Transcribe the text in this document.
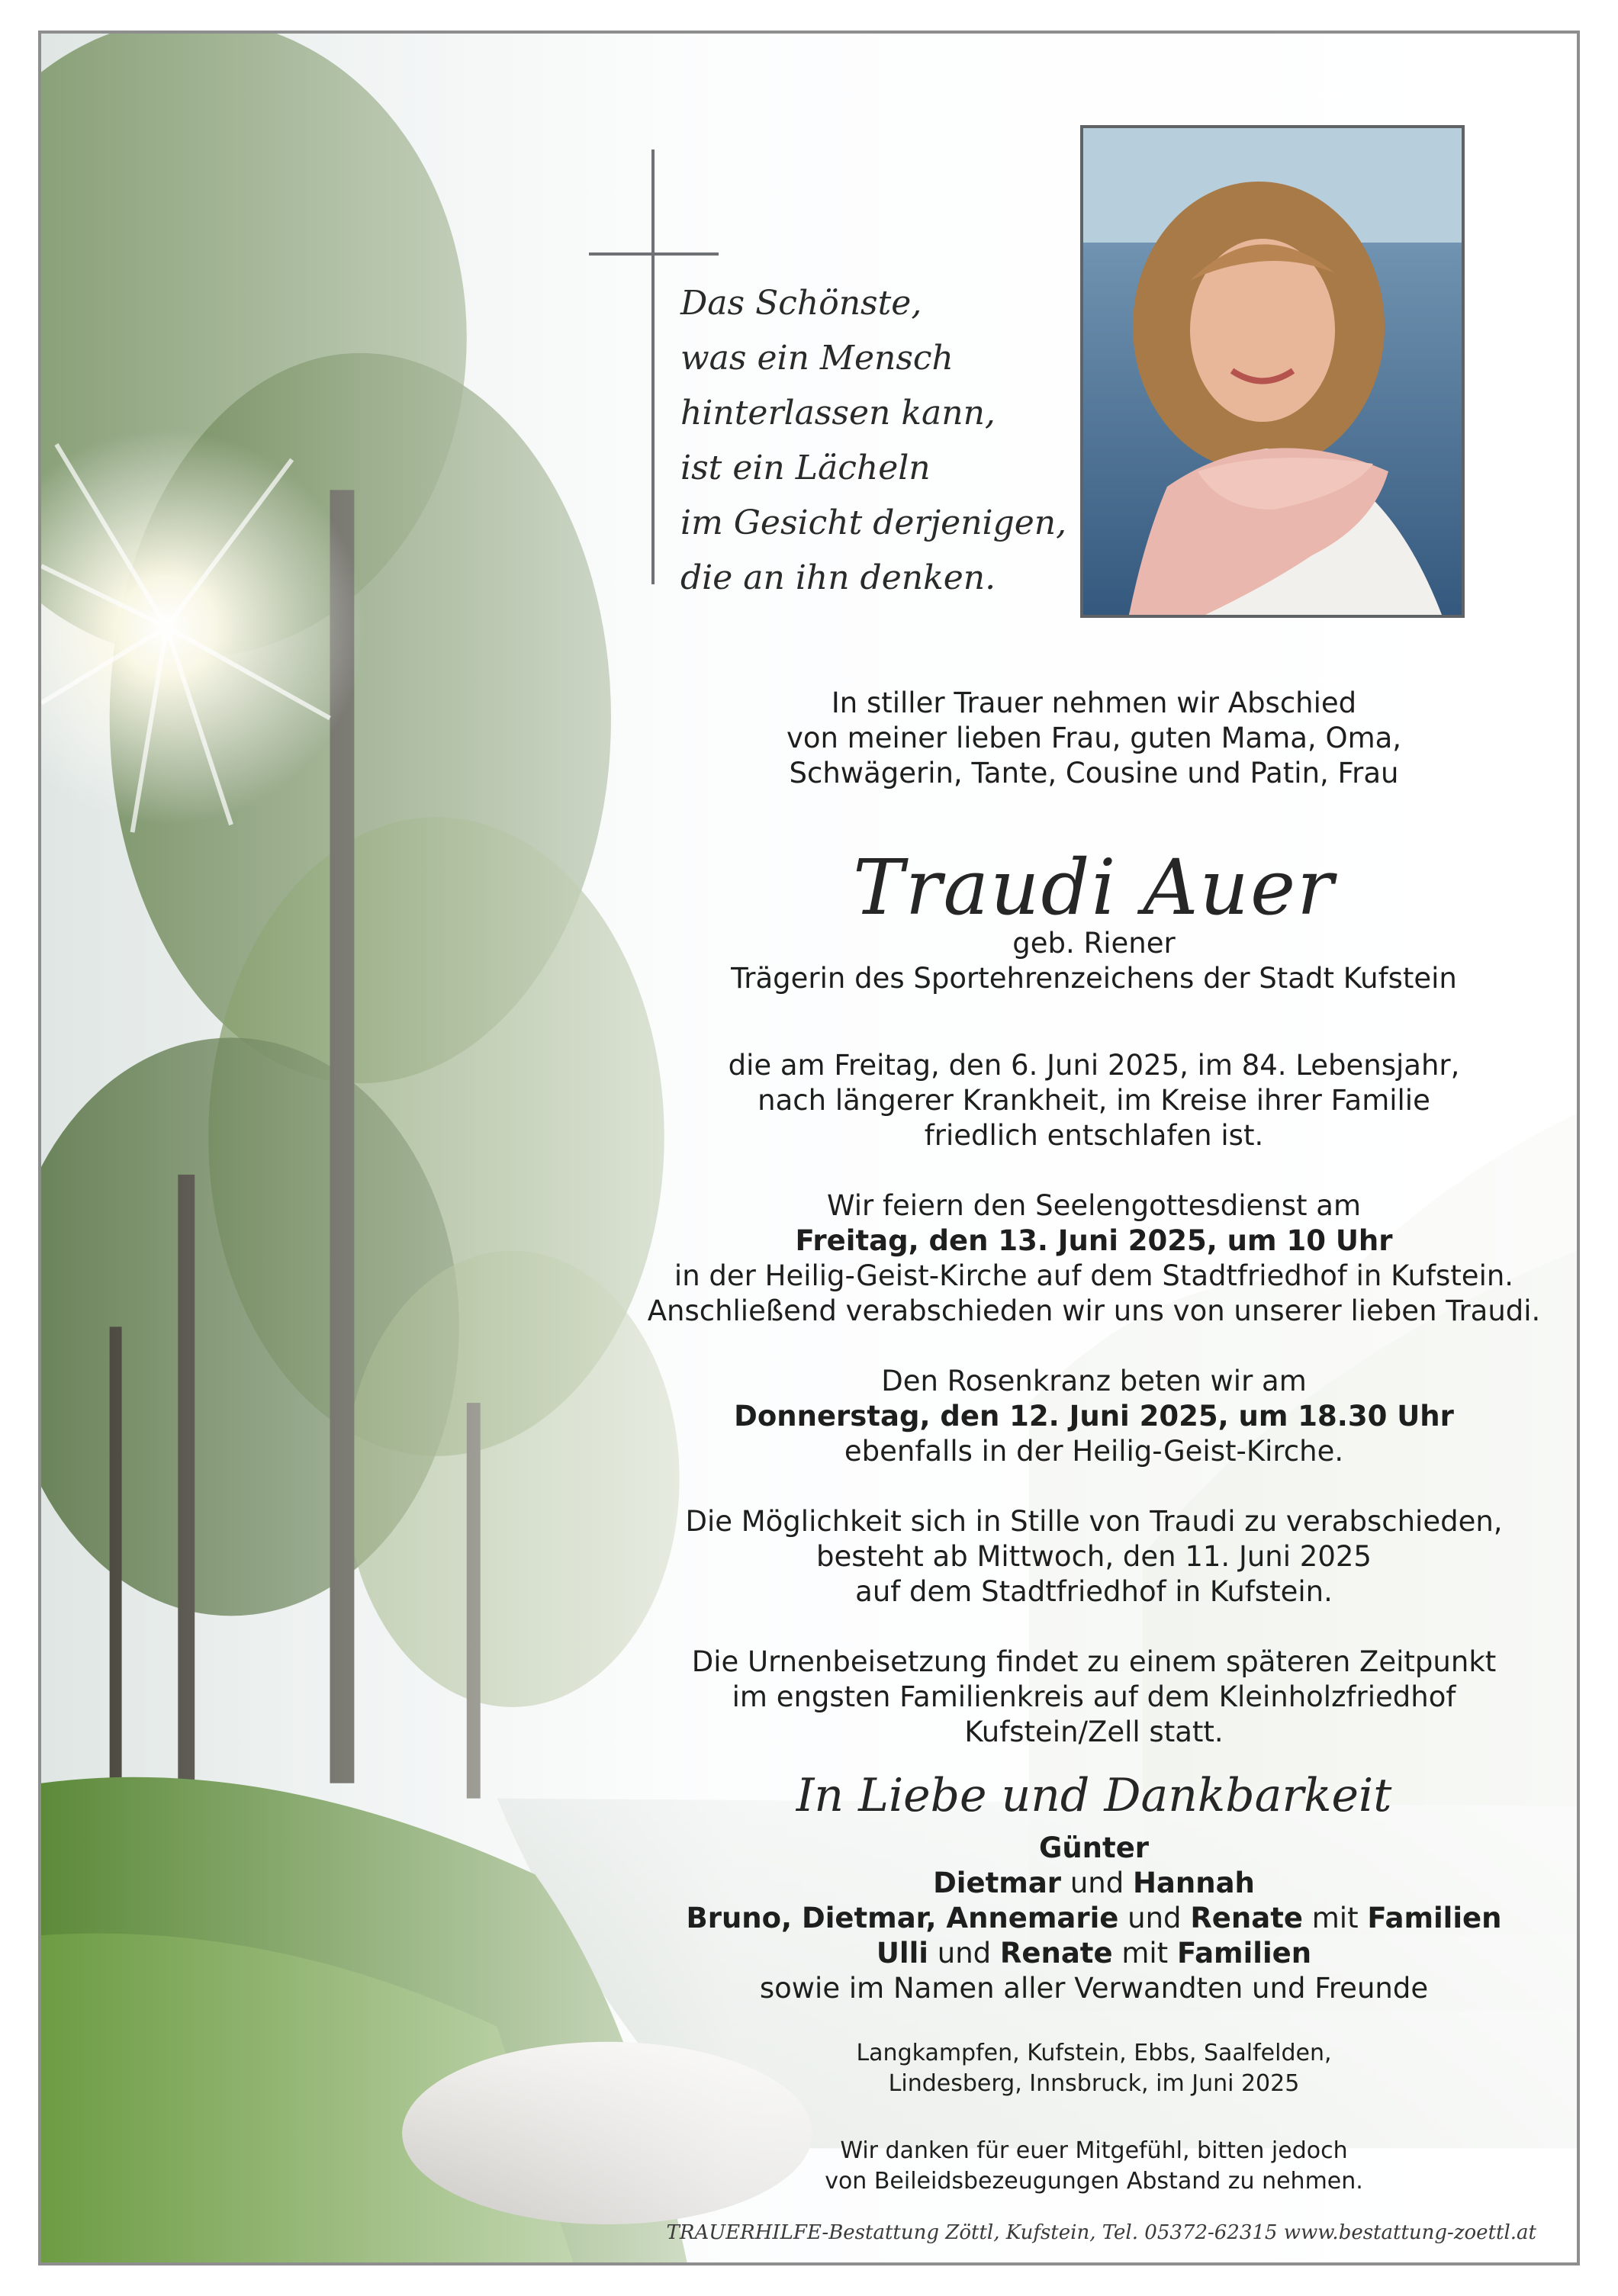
Das Schönste,
was ein Mensch
hinterlassen kann,
ist ein Lächeln
im Gesicht derjenigen,
die an ihn denken.
In stiller Trauer nehmen wir Abschied
von meiner lieben Frau, guten Mama, Oma,
Schwägerin, Tante, Cousine und Patin, Frau
Traudi Auer
geb. Riener
Trägerin des Sportehrenzeichens der Stadt Kufstein
die am Freitag, den 6. Juni 2025, im 84. Lebensjahr,
nach längerer Krankheit, im Kreise ihrer Familie
friedlich entschlafen ist.
Wir feiern den Seelengottesdienst am
Freitag, den 13. Juni 2025, um 10 Uhr
in der Heilig-Geist-Kirche auf dem Stadtfriedhof in Kufstein.
Anschließend verabschieden wir uns von unserer lieben Traudi.
Den Rosenkranz beten wir am
Donnerstag, den 12. Juni 2025, um 18.30 Uhr
ebenfalls in der Heilig-Geist-Kirche.
Die Möglichkeit sich in Stille von Traudi zu verabschieden,
besteht ab Mittwoch, den 11. Juni 2025
auf dem Stadtfriedhof in Kufstein.
Die Urnenbeisetzung findet zu einem späteren Zeitpunkt
im engsten Familienkreis auf dem Kleinholzfriedhof
Kufstein/Zell statt.
In Liebe und Dankbarkeit
Günter
Dietmar und Hannah
Bruno, Dietmar, Annemarie und Renate mit Familien
Ulli und Renate mit Familien
sowie im Namen aller Verwandten und Freunde
Langkampfen, Kufstein, Ebbs, Saalfelden,
Lindesberg, Innsbruck, im Juni 2025
Wir danken für euer Mitgefühl, bitten jedoch
von Beileidsbezeugungen Abstand zu nehmen.
TRAUERHILFE-Bestattung Zöttl, Kufstein, Tel. 05372-62315 www.bestattung-zoettl.at
